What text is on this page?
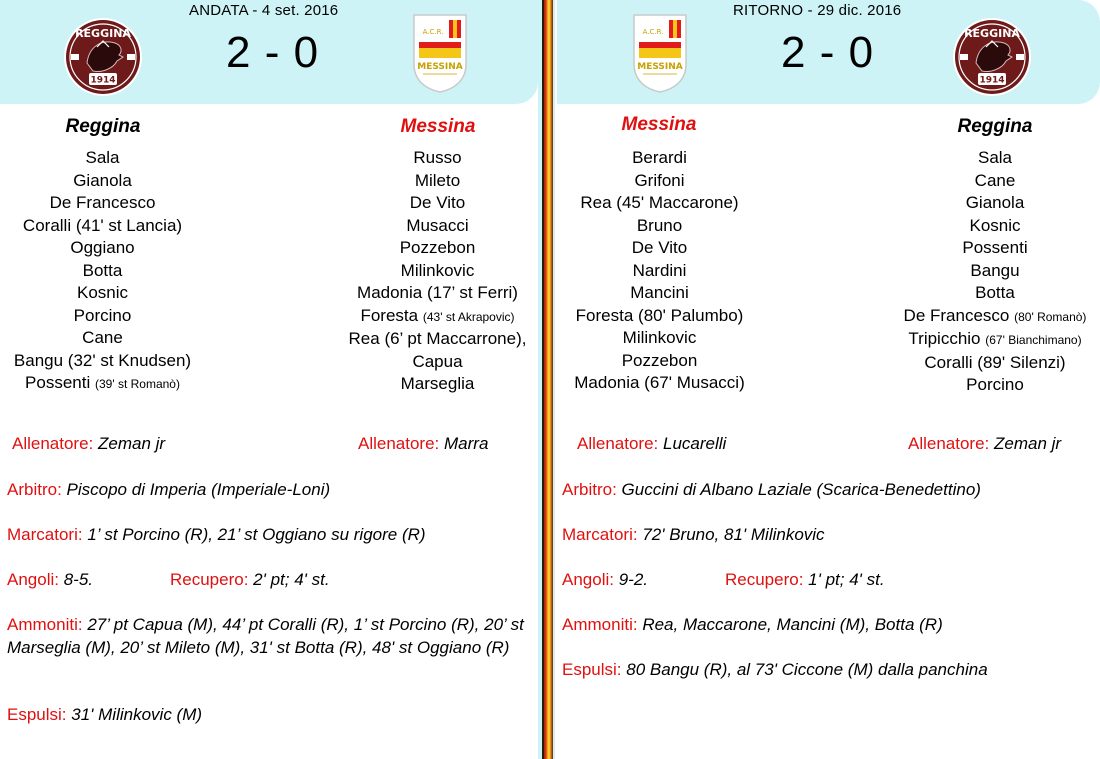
REGGINA
1914
ANDATA - 4 set. 2016
2 - 0	A.C.R.
MESSINA
Reggina	Messina
Sala
Gianola
De Francesco
Coralli (41' st Lancia)
Oggiano
Botta
Kosnic
Porcino
Cane
Bangu (32' st Knudsen)
Possenti (39' st Romanò)
Russo
Mileto
De Vito
Musacci
Pozzebon
Milinkovic
Madonia (17’ st Ferri)
Foresta (43' st Akrapovic)
Rea (6’ pt Maccarrone),
Capua
Marseglia
Allenatore: Zeman jr	Allenatore: Marra
Arbitro: Piscopo di Imperia (Imperiale-Loni)
Marcatori: 1’ st Porcino (R), 21’ st Oggiano su rigore (R)
Angoli: 8-5.	Recupero: 2' pt; 4' st.
Ammoniti: 27’ pt Capua (M), 44’ pt Coralli (R), 1’ st Porcino (R), 20’ st Marseglia (M), 20’ st Mileto (M), 31' st Botta (R), 48' st Oggiano (R)
Espulsi: 31' Milinkovic (M)
A.C.R.
MESSINA
RITORNO - 29 dic. 2016
2 - 0	REGGINA
1914
Messina	Reggina
Berardi
Grifoni
Rea (45' Maccarone)
Bruno
De Vito
Nardini
Mancini
Foresta (80' Palumbo)
Milinkovic
Pozzebon
Madonia (67' Musacci)
Sala
Cane
Gianola
Kosnic
Possenti
Bangu
Botta
De Francesco (80' Romanò)
Tripicchio (67' Bianchimano)
Coralli (89' Silenzi)
Porcino
Allenatore: Lucarelli	Allenatore: Zeman jr
Arbitro: Guccini di Albano Laziale (Scarica-Benedettino)
Marcatori: 72' Bruno, 81' Milinkovic
Angoli: 9-2.	Recupero: 1' pt; 4' st.
Ammoniti: Rea, Maccarone, Mancini (M), Botta (R)
Espulsi: 80 Bangu (R), al 73' Ciccone (M) dalla panchina
